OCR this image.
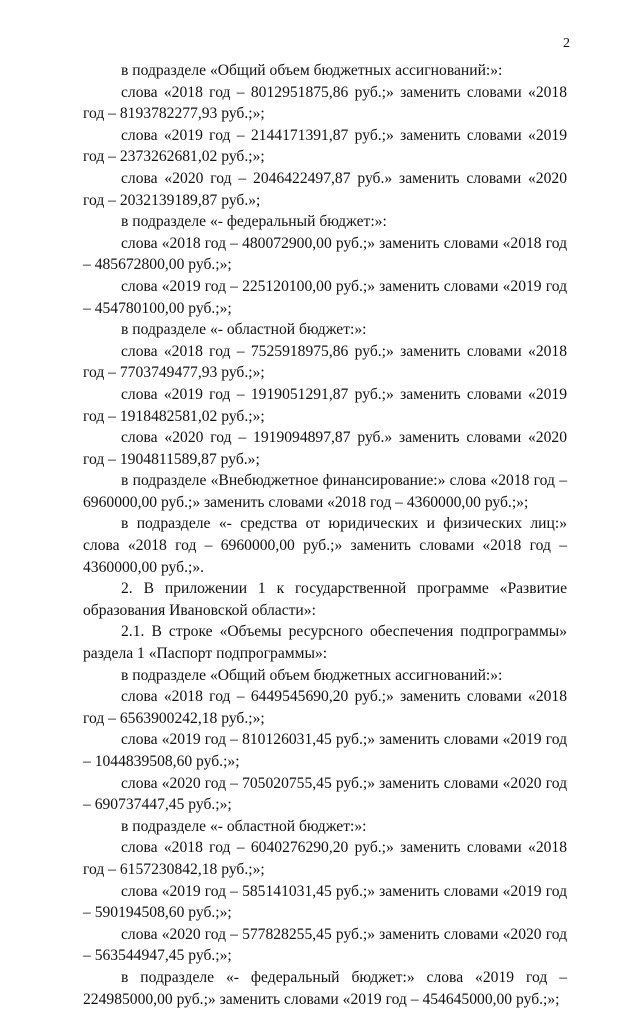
2

в подразделе «Общий объем бюджетных ассигнований:»:

слова «2018 год – 8012951875,86 руб.;» заменить словами «2018 год – 8193782277,93 руб.;»;

слова «2019 год – 2144171391,87 руб.;» заменить словами «2019 год – 2373262681,02 руб.;»;

слова «2020 год – 2046422497,87 руб.» заменить словами «2020 год – 2032139189,87 руб.»;

в подразделе «- федеральный бюджет:»:

слова «2018 год – 480072900,00 руб.;» заменить словами «2018 год – 485672800,00 руб.;»;

слова «2019 год – 225120100,00 руб.;» заменить словами «2019 год – 454780100,00 руб.;»;

в подразделе «- областной бюджет:»:

слова «2018 год – 7525918975,86 руб.;» заменить словами «2018 год – 7703749477,93 руб.;»;

слова «2019 год – 1919051291,87 руб.;» заменить словами «2019 год – 1918482581,02 руб.;»;

слова «2020 год – 1919094897,87 руб.» заменить словами «2020 год – 1904811589,87 руб.»;

в подразделе «Внебюджетное финансирование:» слова «2018 год – 6960000,00 руб.;» заменить словами «2018 год – 4360000,00 руб.;»;

в подразделе «- средства от юридических и физических лиц:» слова «2018 год – 6960000,00 руб.;» заменить словами «2018 год – 4360000,00 руб.;».

2. В приложении 1 к государственной программе «Развитие образования Ивановской области»:

2.1. В строке «Объемы ресурсного обеспечения подпрограммы» раздела 1 «Паспорт подпрограммы»:

в подразделе «Общий объем бюджетных ассигнований:»:

слова «2018 год – 6449545690,20 руб.;» заменить словами «2018 год – 6563900242,18 руб.;»;

слова «2019 год – 810126031,45 руб.;» заменить словами «2019 год – 1044839508,60 руб.;»;

слова «2020 год – 705020755,45 руб.;» заменить словами «2020 год – 690737447,45 руб.;»;

в подразделе «- областной бюджет:»:

слова «2018 год – 6040276290,20 руб.;» заменить словами «2018 год – 6157230842,18 руб.;»;

слова «2019 год – 585141031,45 руб.;» заменить словами «2019 год – 590194508,60 руб.;»;

слова «2020 год – 577828255,45 руб.;» заменить словами «2020 год – 563544947,45 руб.;»;

в подразделе «- федеральный бюджет:» слова «2019 год – 224985000,00 руб.;» заменить словами «2019 год – 454645000,00 руб.;»;
